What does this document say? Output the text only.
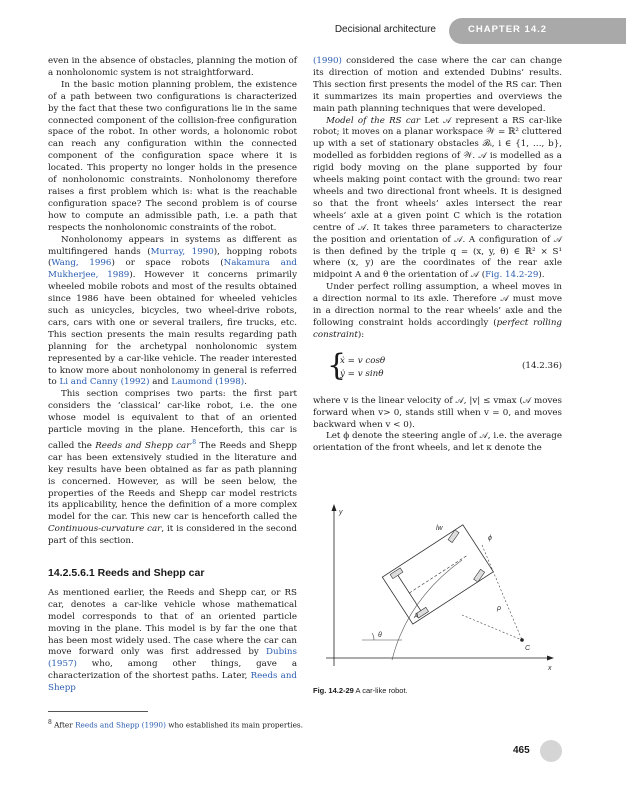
Decisional architecture	CHAPTER 14.2

even in the absence of obstacles, planning the motion of a nonholonomic system is not straightforward.

In the basic motion planning problem, the existence of a path between two configurations is characterized by the fact that these two configurations lie in the same connected component of the collision-free configuration space of the robot. In other words, a holonomic robot can reach any configuration within the connected component of the configuration space where it is located. This property no longer holds in the presence of nonholonomic constraints. Nonholonomy therefore raises a first problem which is: what is the reachable configuration space? The second problem is of course how to compute an admissible path, i.e. a path that respects the nonholonomic constraints of the robot.

Nonholonomy appears in systems as different as multifingered hands (Murray, 1990), hopping robots (Wang, 1996) or space robots (Nakamura and Mukherjee, 1989). However it concerns primarily wheeled mobile robots and most of the results obtained since 1986 have been obtained for wheeled vehicles such as unicycles, bicycles, two wheel-drive robots, cars, cars with one or several trailers, fire trucks, etc. This section presents the main results regarding path planning for the archetypal nonholonomic system represented by a car-like vehicle. The reader interested to know more about nonholonomy in general is referred to Li and Canny (1992) and Laumond (1998).

This section comprises two parts: the first part considers the ‘classical’ car-like robot, i.e. the one whose model is equivalent to that of an oriented particle moving in the plane. Henceforth, this car is called the Reeds and Shepp car$^{.8}$ The Reeds and Shepp car has been extensively studied in the literature and key results have been obtained as far as path planning is concerned. However, as will be seen below, the properties of the Reeds and Shepp car model restricts its applicability, hence the definition of a more complex model for the car. This new car is henceforth called the Continuous-curvature car, it is considered in the second part of this section.

14.2.5.6.1 Reeds and Shepp car

As mentioned earlier, the Reeds and Shepp car, or RS car, denotes a car-like vehicle whose mathematical model corresponds to that of an oriented particle moving in the plane. This model is by far the one that has been most widely used. The case where the car can move forward only was first addressed by Dubins (1957) who, among other things, gave a characterization of the shortest paths. Later, Reeds and Shepp

(1990) considered the case where the car can change its direction of motion and extended Dubins’ results. This section first presents the model of the RS car. Then it summarizes its main properties and overviews the main path planning techniques that were developed.

Model of the RS car Let 𝒜 represent a RS car-like robot; it moves on a planar workspace 𝒲 = ℝ² cluttered up with a set of stationary obstacles ℬᵢ, i ∈ {1, …, b}, modelled as forbidden regions of 𝒲. 𝒜 is modelled as a rigid body moving on the plane supported by four wheels making point contact with the ground: two rear wheels and two directional front wheels. It is designed so that the front wheels’ axles intersect the rear wheels’ axle at a given point C which is the rotation centre of 𝒜. It takes three parameters to characterize the position and orientation of 𝒜. A configuration of 𝒜 is then defined by the triple q = (x, y, θ) ∈ ℝ² × S¹ where (x, y) are the coordinates of the rear axle midpoint A and θ the orientation of 𝒜 (Fig. 14.2-29).

Under perfect rolling assumption, a wheel moves in a direction normal to its axle. Therefore 𝒜 must move in a direction normal to the rear wheels’ axle and the following constraint holds accordingly (perfect rolling constraint):

{
ẋ = v cosθ
ẏ = v sinθ
(14.2.36)

where v is the linear velocity of 𝒜, |v| ≤ vmax (𝒜 moves forward when v> 0, stands still when v = 0, and moves backward when v < 0).

Let ϕ denote the steering angle of 𝒜, i.e. the average orientation of the front wheels, and let κ denote the

y
x
ϕ
θ
C
A
ρ
lw
Fig. 14.2-29 A car-like robot.
$^8$ After Reeds and Shepp (1990) who established its main properties.
465
